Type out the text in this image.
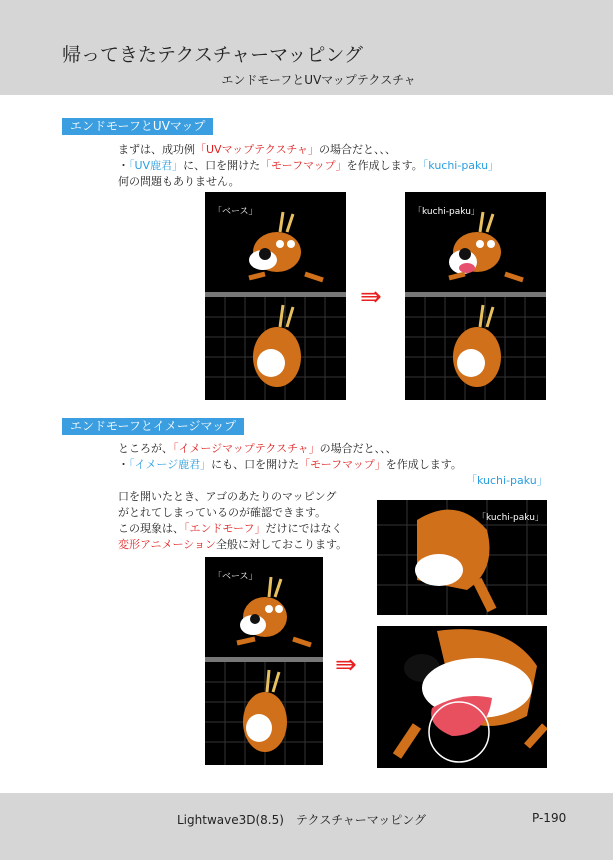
帰ってきたテクスチャーマッピング
エンドモーフとUVマップテクスチャ
エンドモーフとUVマップ
まずは、成功例「UVマップテクスチャ」の場合だと、、、
・「UV鹿君」に、口を開けた「モーフマップ」を作成します。「kuchi-paku」
何の問題もありません。
「ベース」
⇛
「kuchi-paku」
エンドモーフとイメージマップ
ところが、「イメージマップテクスチャ」の場合だと、、、
・「イメージ鹿君」にも、口を開けた「モーフマップ」を作成します。
「kuchi-paku」
口を開いたとき、アゴのあたりのマッピング
がとれてしまっているのが確認できます。
この現象は、「エンドモーフ」だけにではなく
変形アニメーション全般に対しておこります。
「ベース」
⇛
「kuchi-paku」
Lightwave3D(8.5)　テクスチャーマッピング	P-190
